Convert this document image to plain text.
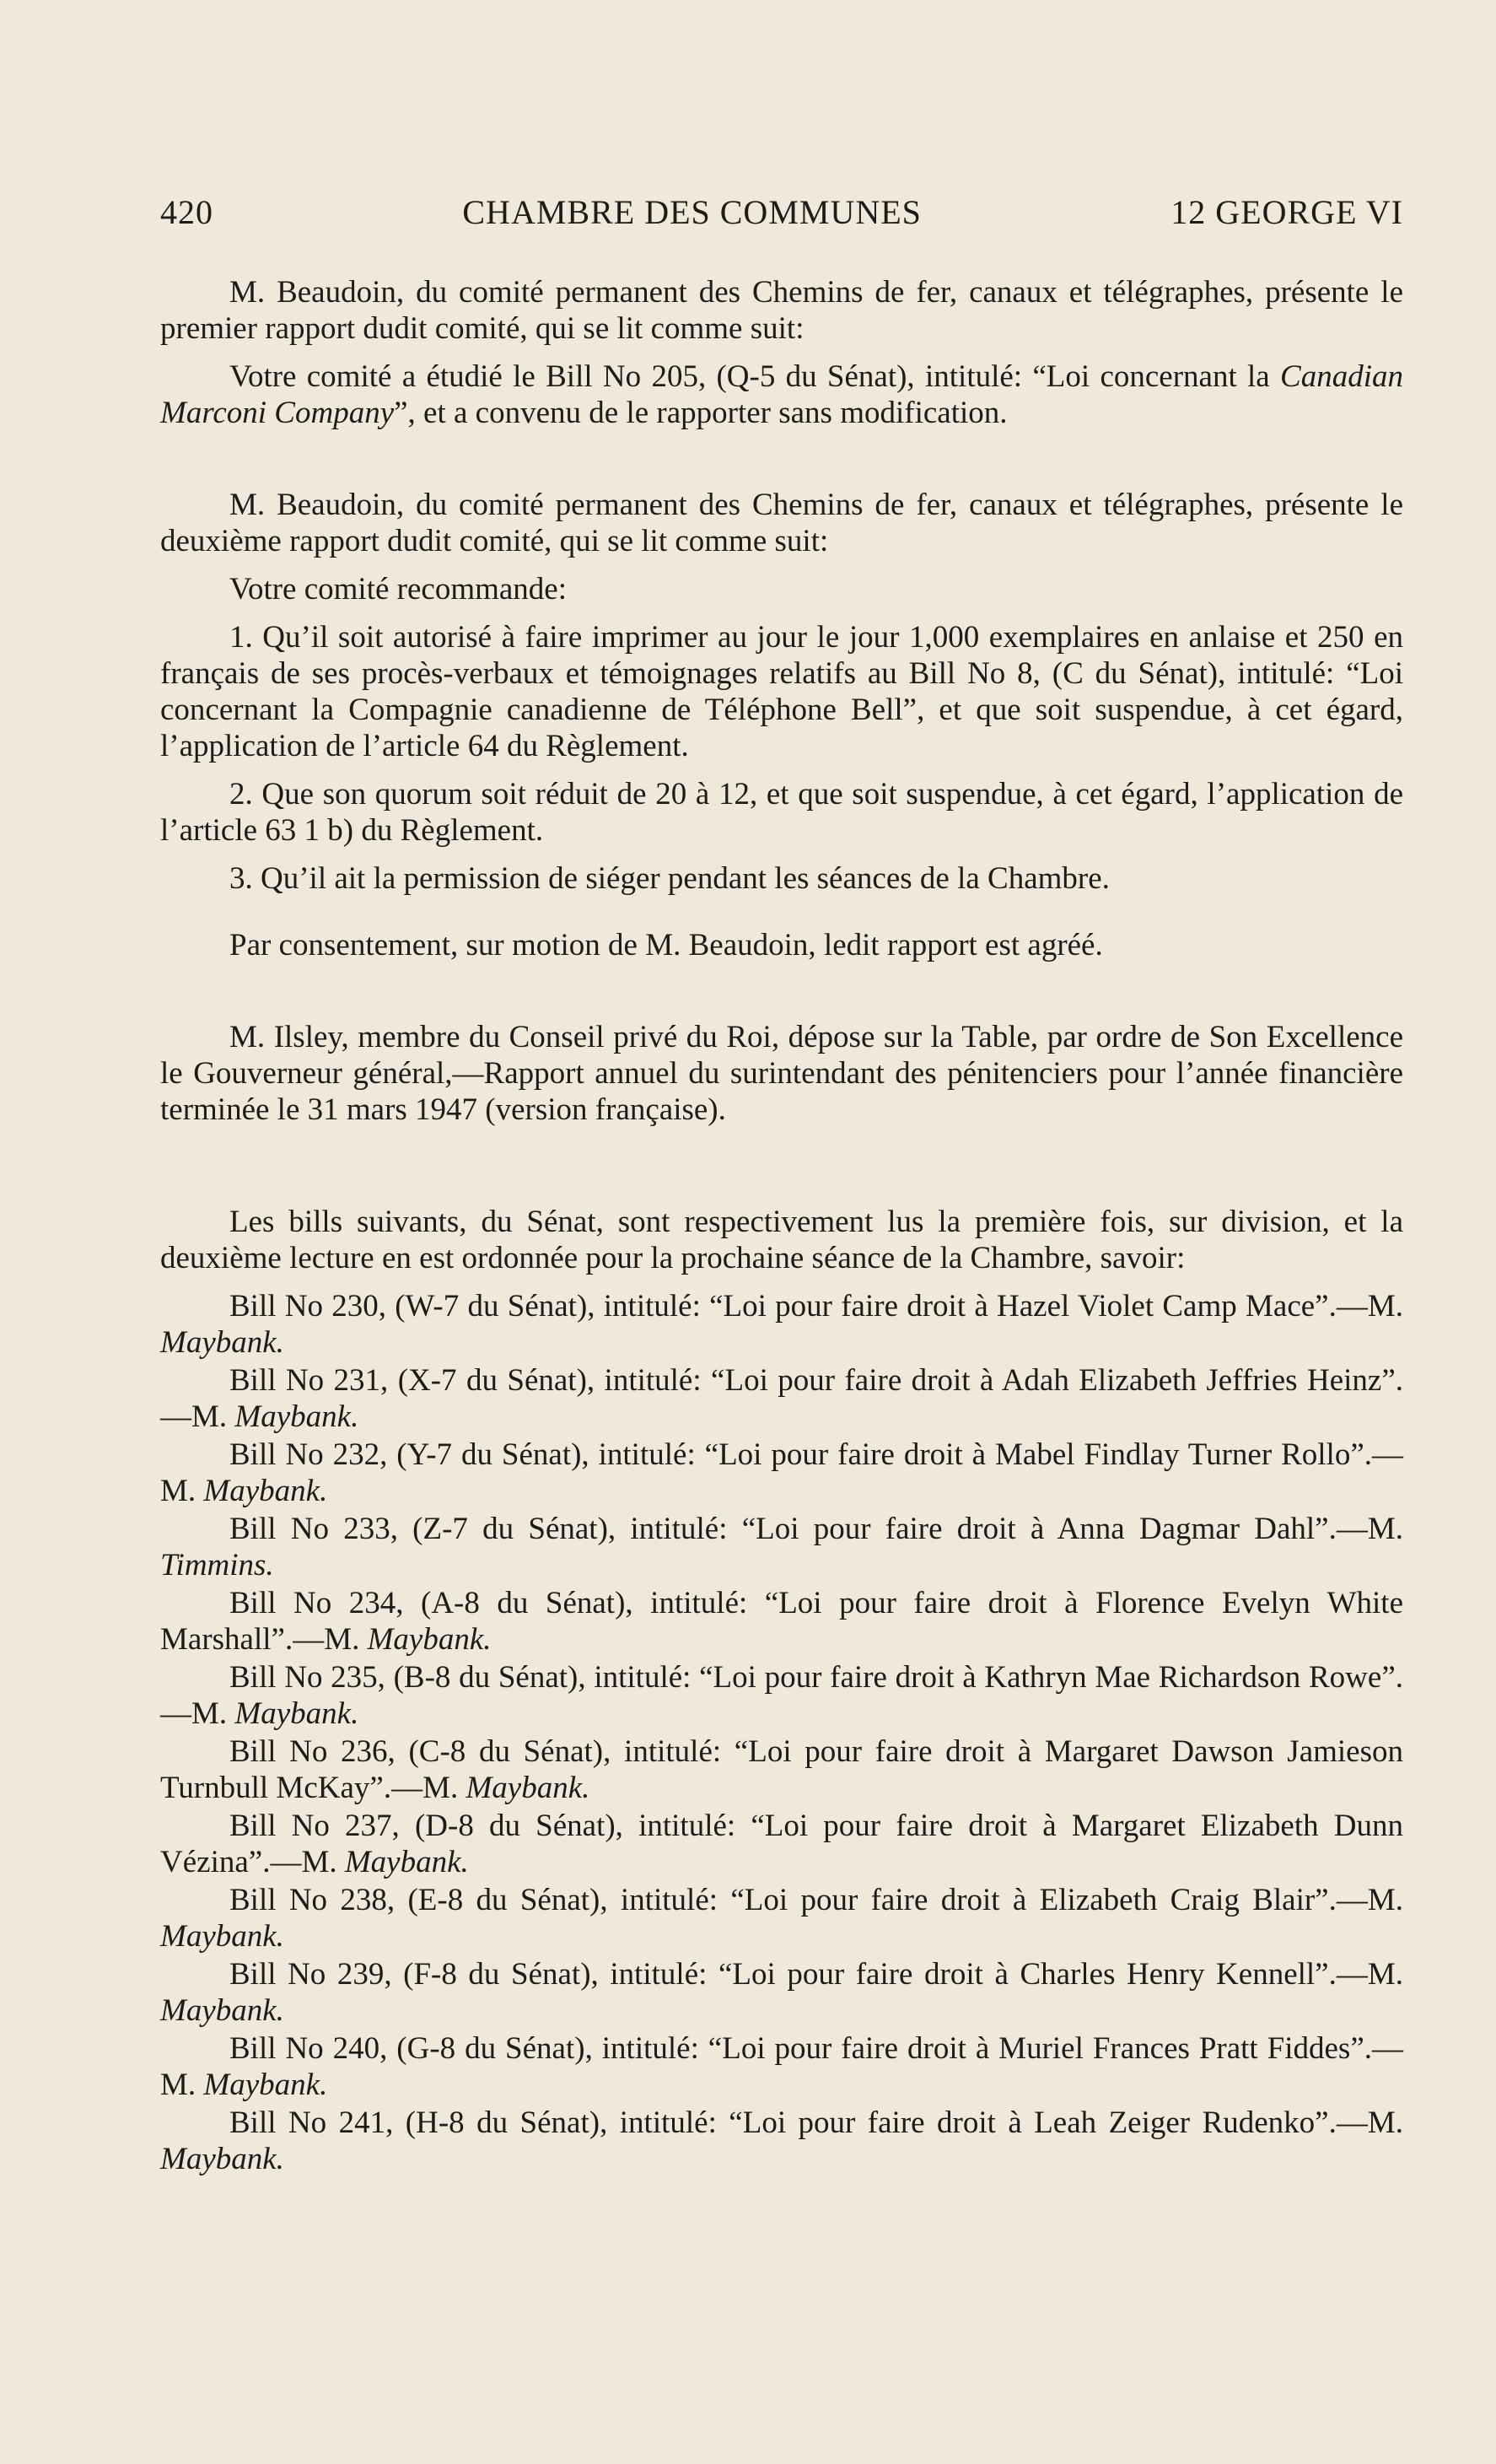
420	CHAMBRE DES COMMUNES	12 GEORGE VI

M. Beaudoin, du comité permanent des Chemins de fer, canaux et télégraphes, présente le premier rapport dudit comité, qui se lit comme suit:

Votre comité a étudié le Bill No 205, (Q-5 du Sénat), intitulé: “Loi concernant la Canadian Marconi Company”, et a convenu de le rapporter sans modification.

M. Beaudoin, du comité permanent des Chemins de fer, canaux et télégraphes, présente le deuxième rapport dudit comité, qui se lit comme suit:

Votre comité recommande:

1. Qu’il soit autorisé à faire imprimer au jour le jour 1,000 exemplaires en anlaise et 250 en français de ses procès-verbaux et témoignages relatifs au Bill No 8, (C du Sénat), intitulé: “Loi concernant la Compagnie canadienne de Téléphone Bell”, et que soit suspendue, à cet égard, l’application de l’article 64 du Règlement.

2. Que son quorum soit réduit de 20 à 12, et que soit suspendue, à cet égard, l’application de l’article 63 1 b) du Règlement.

3. Qu’il ait la permission de siéger pendant les séances de la Chambre.

Par consentement, sur motion de M. Beaudoin, ledit rapport est agréé.

M. Ilsley, membre du Conseil privé du Roi, dépose sur la Table, par ordre de Son Excellence le Gouverneur général,—Rapport annuel du surintendant des pénitenciers pour l’année financière terminée le 31 mars 1947 (version française).

Les bills suivants, du Sénat, sont respectivement lus la première fois, sur division, et la deuxième lecture en est ordonnée pour la prochaine séance de la Chambre, savoir:

Bill No 230, (W-7 du Sénat), intitulé: “Loi pour faire droit à Hazel Violet Camp Mace”.—M. Maybank.

Bill No 231, (X-7 du Sénat), intitulé: “Loi pour faire droit à Adah Elizabeth Jeffries Heinz”.—M. Maybank.

Bill No 232, (Y-7 du Sénat), intitulé: “Loi pour faire droit à Mabel Findlay Turner Rollo”.—M. Maybank.

Bill No 233, (Z-7 du Sénat), intitulé: “Loi pour faire droit à Anna Dagmar Dahl”.—M. Timmins.

Bill No 234, (A-8 du Sénat), intitulé: “Loi pour faire droit à Florence Evelyn White Marshall”.—M. Maybank.

Bill No 235, (B-8 du Sénat), intitulé: “Loi pour faire droit à Kathryn Mae Richardson Rowe”.—M. Maybank.

Bill No 236, (C-8 du Sénat), intitulé: “Loi pour faire droit à Margaret Dawson Jamieson Turnbull McKay”.—M. Maybank.

Bill No 237, (D-8 du Sénat), intitulé: “Loi pour faire droit à Margaret Elizabeth Dunn Vézina”.—M. Maybank.

Bill No 238, (E-8 du Sénat), intitulé: “Loi pour faire droit à Elizabeth Craig Blair”.—M. Maybank.

Bill No 239, (F-8 du Sénat), intitulé: “Loi pour faire droit à Charles Henry Kennell”.—M. Maybank.

Bill No 240, (G-8 du Sénat), intitulé: “Loi pour faire droit à Muriel Frances Pratt Fiddes”.—M. Maybank.

Bill No 241, (H-8 du Sénat), intitulé: “Loi pour faire droit à Leah Zeiger Rudenko”.—M. Maybank.
